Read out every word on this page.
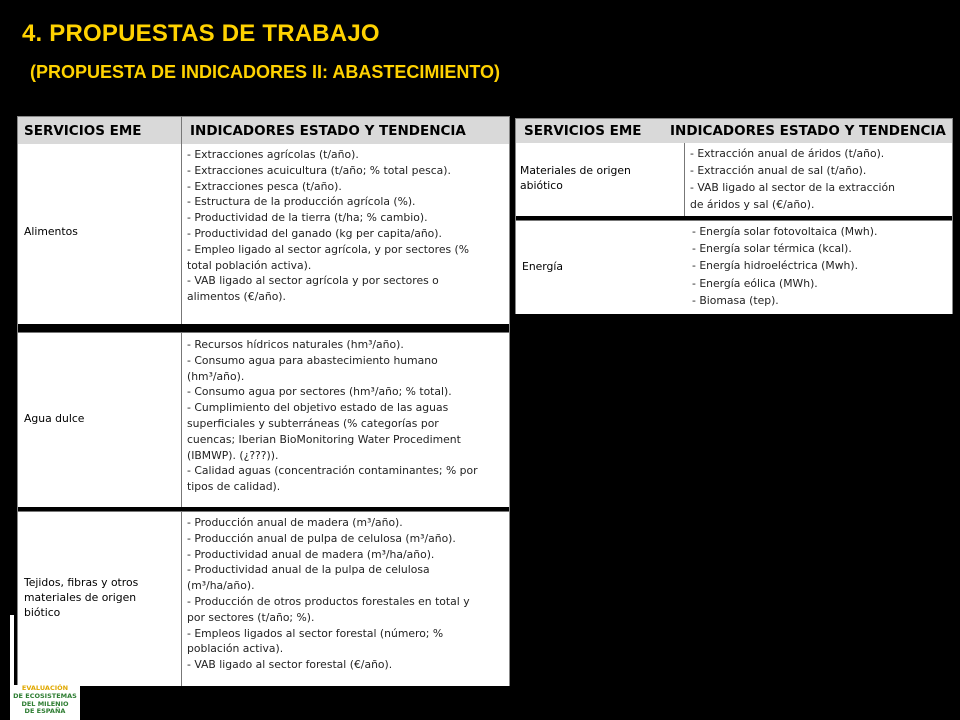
4. PROPUESTAS DE TRABAJO
(PROPUESTA DE INDICADORES II: ABASTECIMIENTO)
SERVICIOS EME	INDICADORES ESTADO Y TENDENCIA
Alimentos
- Extracciones agrícolas (t/año).
- Extracciones acuicultura (t/año; % total pesca).
- Extracciones pesca (t/año).
- Estructura de la producción agrícola (%).
- Productividad de la tierra (t/ha; % cambio).
- Productividad del ganado (kg per capita/año).
- Empleo ligado al sector agrícola, y por sectores (%
total población activa).
- VAB ligado al sector agrícola y por sectores o
alimentos (€/año).
Agua dulce
- Recursos hídricos naturales (hm³/año).
- Consumo agua para abastecimiento humano
(hm³/año).
- Consumo agua por sectores (hm³/año; % total).
- Cumplimiento del objetivo estado de las aguas
superficiales y subterráneas (% categorías por
cuencas; Iberian BioMonitoring Water Procediment
(IBMWP). (¿???)).
- Calidad aguas (concentración contaminantes; % por
tipos de calidad).
Tejidos, fibras y otros
materiales de origen
biótico
- Producción anual de madera (m³/año).
- Producción anual de pulpa de celulosa (m³/año).
- Productividad anual de madera (m³/ha/año).
- Productividad anual de la pulpa de celulosa
(m³/ha/año).
- Producción de otros productos forestales en total y
por sectores (t/año; %).
- Empleos ligados al sector forestal (número; %
población activa).
- VAB ligado al sector forestal (€/año).
SERVICIOS EME INDICADORES ESTADO Y TENDENCIA
Materiales de origen
abiótico
- Extracción anual de áridos (t/año).
- Extracción anual de sal (t/año).
- VAB ligado al sector de la extracción
de áridos y sal (€/año).
Energía
- Energía solar fotovoltaica (Mwh).
- Energía solar térmica (kcal).
- Energía hidroeléctrica (Mwh).
- Energía eólica (MWh).
- Biomasa (tep).
EVALUACIÓN
DE ECOSISTEMAS
DEL MILENIO
DE ESPAÑA
